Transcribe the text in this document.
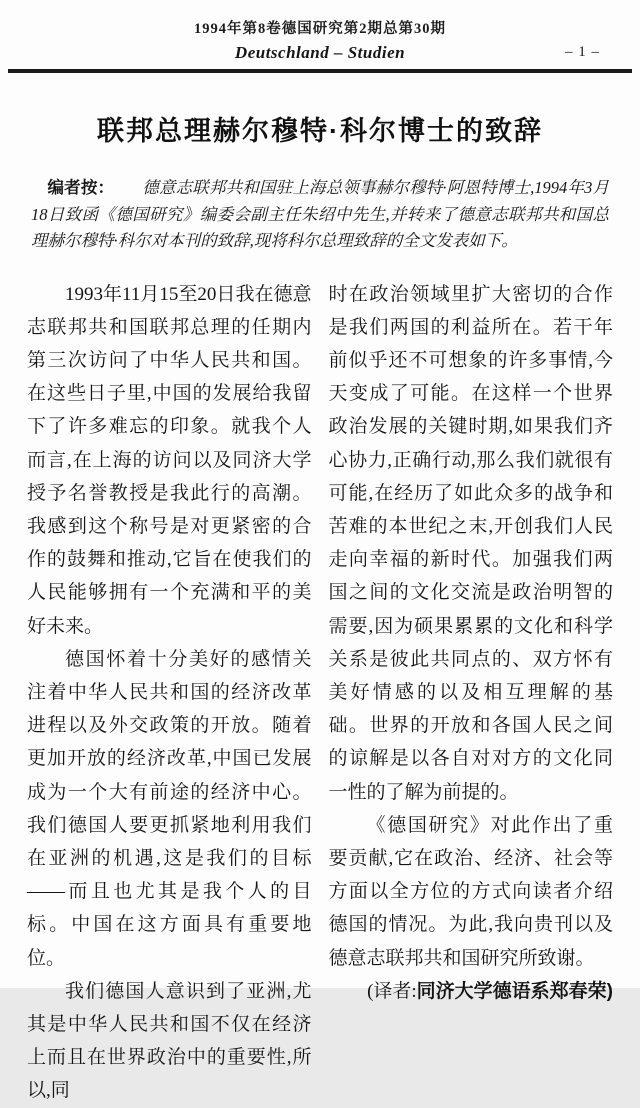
1994年第8卷德国研究第2期总第30期
Deutschland – Studien	– 1 –
联邦总理赫尔穆特·科尔博士的致辞
编者按： 德意志联邦共和国驻上海总领事赫尔穆特·阿恩特博士,1994年3月18日致函《德国研究》编委会副主任朱绍中先生,并转来了德意志联邦共和国总理赫尔穆特·科尔对本刊的致辞,现将科尔总理致辞的全文发表如下。

1993年11月15至20日我在德意志联邦共和国联邦总理的任期内第三次访问了中华人民共和国。在这些日子里,中国的发展给我留下了许多难忘的印象。就我个人而言,在上海的访问以及同济大学授予名誉教授是我此行的高潮。我感到这个称号是对更紧密的合作的鼓舞和推动,它旨在使我们的人民能够拥有一个充满和平的美好未来。

德国怀着十分美好的感情关注着中华人民共和国的经济改革进程以及外交政策的开放。随着更加开放的经济改革,中国已发展成为一个大有前途的经济中心。我们德国人要更抓紧地利用我们在亚洲的机遇,这是我们的目标——而且也尤其是我个人的目标。中国在这方面具有重要地位。

我们德国人意识到了亚洲,尤其是中华人民共和国不仅在经济上而且在世界政治中的重要性,所以,同

时在政治领域里扩大密切的合作是我们两国的利益所在。若干年前似乎还不可想象的许多事情,今天变成了可能。在这样一个世界政治发展的关键时期,如果我们齐心协力,正确行动,那么我们就很有可能,在经历了如此众多的战争和苦难的本世纪之末,开创我们人民走向幸福的新时代。加强我们两国之间的文化交流是政治明智的需要,因为硕果累累的文化和科学关系是彼此共同点的、双方怀有美好情感的以及相互理解的基础。世界的开放和各国人民之间的谅解是以各自对对方的文化同一性的了解为前提的。

《德国研究》对此作出了重要贡献,它在政治、经济、社会等方面以全方位的方式向读者介绍德国的情况。为此,我向贵刊以及德意志联邦共和国研究所致谢。

(译者:同济大学德语系郑春荣)
